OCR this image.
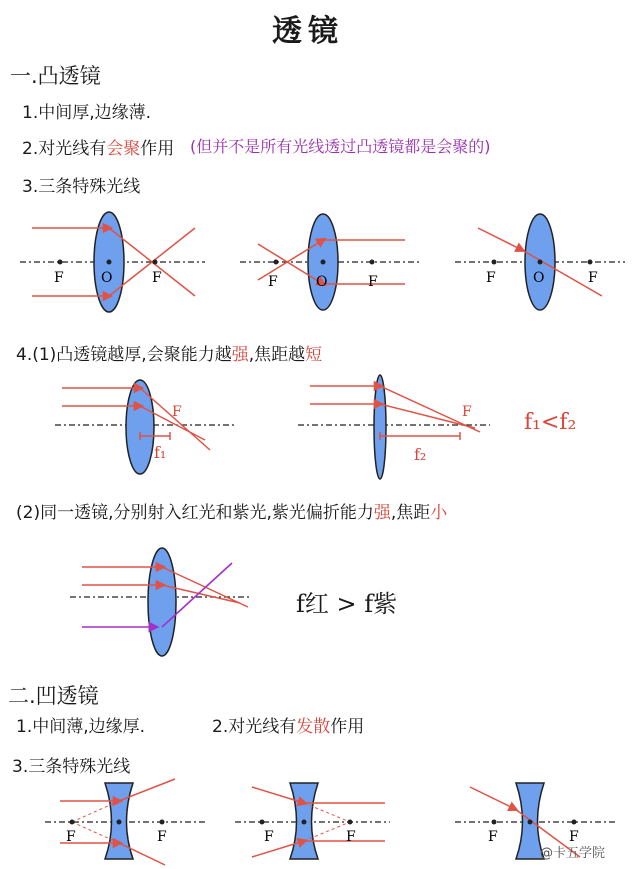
透镜
一.凸透镜
1.中间厚,边缘薄.
2.对光线有会聚作用 (但并不是所有光线透过凸透镜都是会聚的)
3.三条特殊光线
F	O	F	F	O	F	F	O	F
4.(1)凸透镜越厚,会聚能力越强,焦距越短
F
f₁
F
f₂
f₁<f₂
(2)同一透镜,分别射入红光和紫光,紫光偏折能力强,焦距小
f红 > f紫
二.凹透镜
1.中间薄,边缘厚.	2.对光线有发散作用
3.三条特殊光线
F	F	F	F	F	F
@卡五学院
